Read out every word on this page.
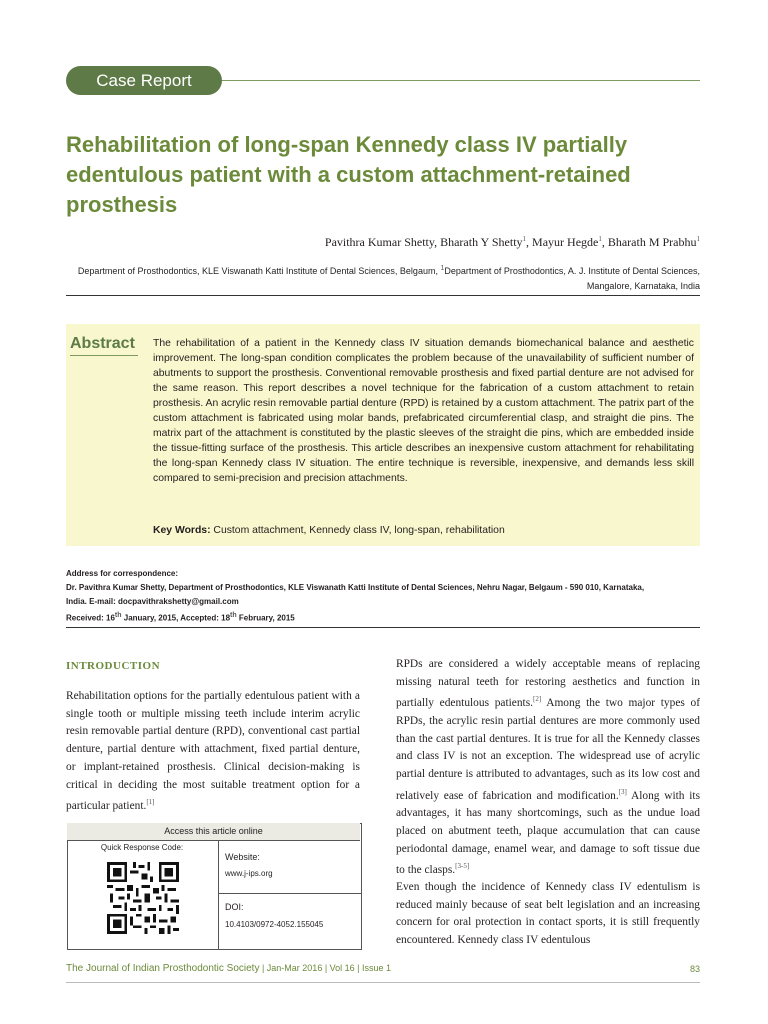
Case Report
Rehabilitation of long-span Kennedy class IV partially edentulous patient with a custom attachment-retained prosthesis
Pavithra Kumar Shetty, Bharath Y Shetty$^1$, Mayur Hegde$^1$, Bharath M Prabhu$^1$
Department of Prosthodontics, KLE Viswanath Katti Institute of Dental Sciences, Belgaum, $^1$Department of Prosthodontics, A. J. Institute of Dental Sciences, Mangalore, Karnataka, India
Abstract The rehabilitation of a patient in the Kennedy class IV situation demands biomechanical balance and aesthetic improvement. The long-span condition complicates the problem because of the unavailability of sufficient number of abutments to support the prosthesis. Conventional removable prosthesis and fixed partial denture are not advised for the same reason. This report describes a novel technique for the fabrication of a custom attachment to retain prosthesis. An acrylic resin removable partial denture (RPD) is retained by a custom attachment. The patrix part of the custom attachment is fabricated using molar bands, prefabricated circumferential clasp, and straight die pins. The matrix part of the attachment is constituted by the plastic sleeves of the straight die pins, which are embedded inside the tissue-fitting surface of the prosthesis. This article describes an inexpensive custom attachment for rehabilitating the long-span Kennedy class IV situation. The entire technique is reversible, inexpensive, and demands less skill compared to semi-precision and precision attachments.

Key Words: Custom attachment, Kennedy class IV, long-span, rehabilitation
Address for correspondence:
Dr. Pavithra Kumar Shetty, Department of Prosthodontics, KLE Viswanath Katti Institute of Dental Sciences, Nehru Nagar, Belgaum - 590 010, Karnataka,
India. E-mail: docpavithrakshetty@gmail.com
Received: 16th January, 2015, Accepted: 18th February, 2015
INTRODUCTION

Rehabilitation options for the partially edentulous patient with a single tooth or multiple missing teeth include interim acrylic resin removable partial denture (RPD), conventional cast partial denture, partial denture with attachment, fixed partial denture, or implant-retained prosthesis. Clinical decision-making is critical in deciding the most suitable treatment option for a particular patient.[1]

RPDs are considered a widely acceptable means of replacing missing natural teeth for restoring aesthetics and function in partially edentulous patients.[2] Among the two major types of RPDs, the acrylic resin partial dentures are more commonly used than the cast partial dentures. It is true for all the Kennedy classes and class IV is not an exception. The widespread use of acrylic partial denture is attributed to advantages, such as its low cost and relatively ease of fabrication and modification.[3] Along with its advantages, it has many shortcomings, such as the undue load placed on abutment teeth, plaque accumulation that can cause periodontal damage, enamel wear, and damage to soft tissue due to the clasps.[3-5]

Even though the incidence of Kennedy class IV edentulism is reduced mainly because of seat belt legislation and an increasing concern for oral protection in contact sports, it is still frequently encountered. Kennedy class IV edentulous

Access this article online
Quick Response Code:
Website:
www.j-ips.org
DOI:
10.4103/0972-4052.155045
The Journal of Indian Prosthodontic Society | Jan-Mar 2016 | Vol 16 | Issue 1	83
